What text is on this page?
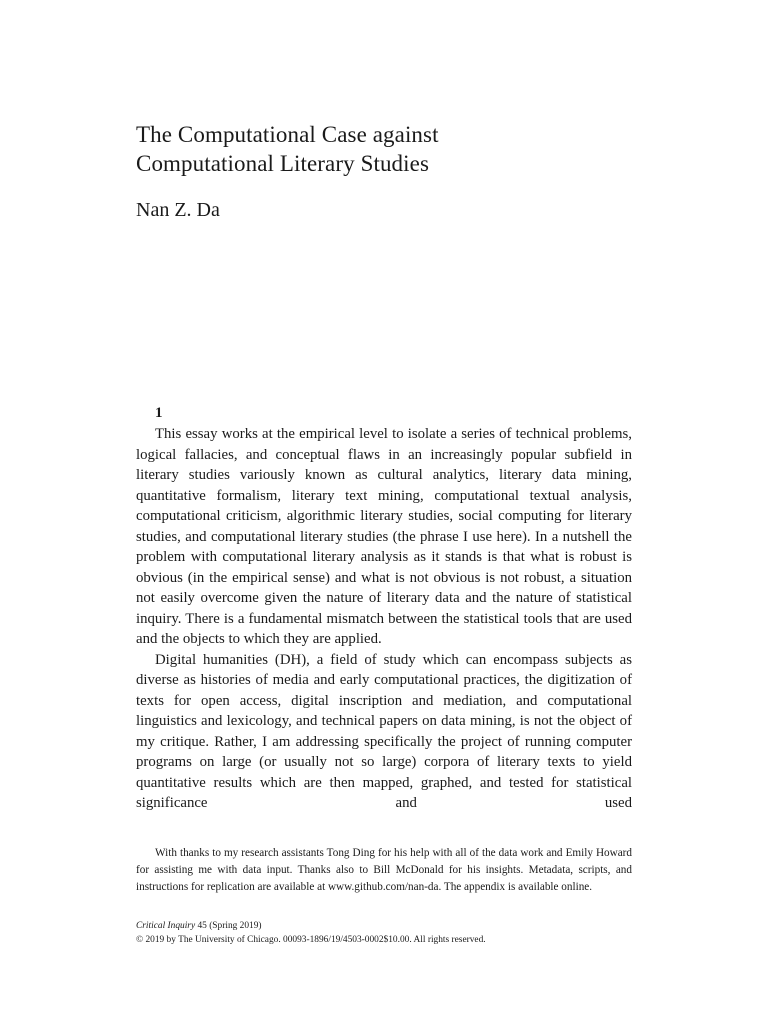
The Computational Case against
Computational Literary Studies
Nan Z. Da
1

This essay works at the empirical level to isolate a series of technical problems, logical fallacies, and conceptual flaws in an increasingly popular subfield in literary studies variously known as cultural analytics, literary data mining, quantitative formalism, literary text mining, computational textual analysis, computational criticism, algorithmic literary studies, social computing for literary studies, and computational literary studies (the phrase I use here). In a nutshell the problem with computational literary analysis as it stands is that what is robust is obvious (in the empirical sense) and what is not obvious is not robust, a situation not easily overcome given the nature of literary data and the nature of statistical inquiry. There is a fundamental mismatch between the statistical tools that are used and the objects to which they are applied.

Digital humanities (DH), a field of study which can encompass subjects as diverse as histories of media and early computational practices, the digitization of texts for open access, digital inscription and mediation, and computational linguistics and lexicology, and technical papers on data mining, is not the object of my critique. Rather, I am addressing specifically the project of running computer programs on large (or usually not so large) corpora of literary texts to yield quantitative results which are then mapped, graphed, and tested for statistical significance and used

With thanks to my research assistants Tong Ding for his help with all of the data work and Emily Howard for assisting me with data input. Thanks also to Bill McDonald for his insights. Metadata, scripts, and instructions for replication are available at www.github.com/nan-da. The appendix is available online.

Critical Inquiry 45 (Spring 2019)
© 2019 by The University of Chicago. 00093-1896/19/4503-0002$10.00. All rights reserved.
